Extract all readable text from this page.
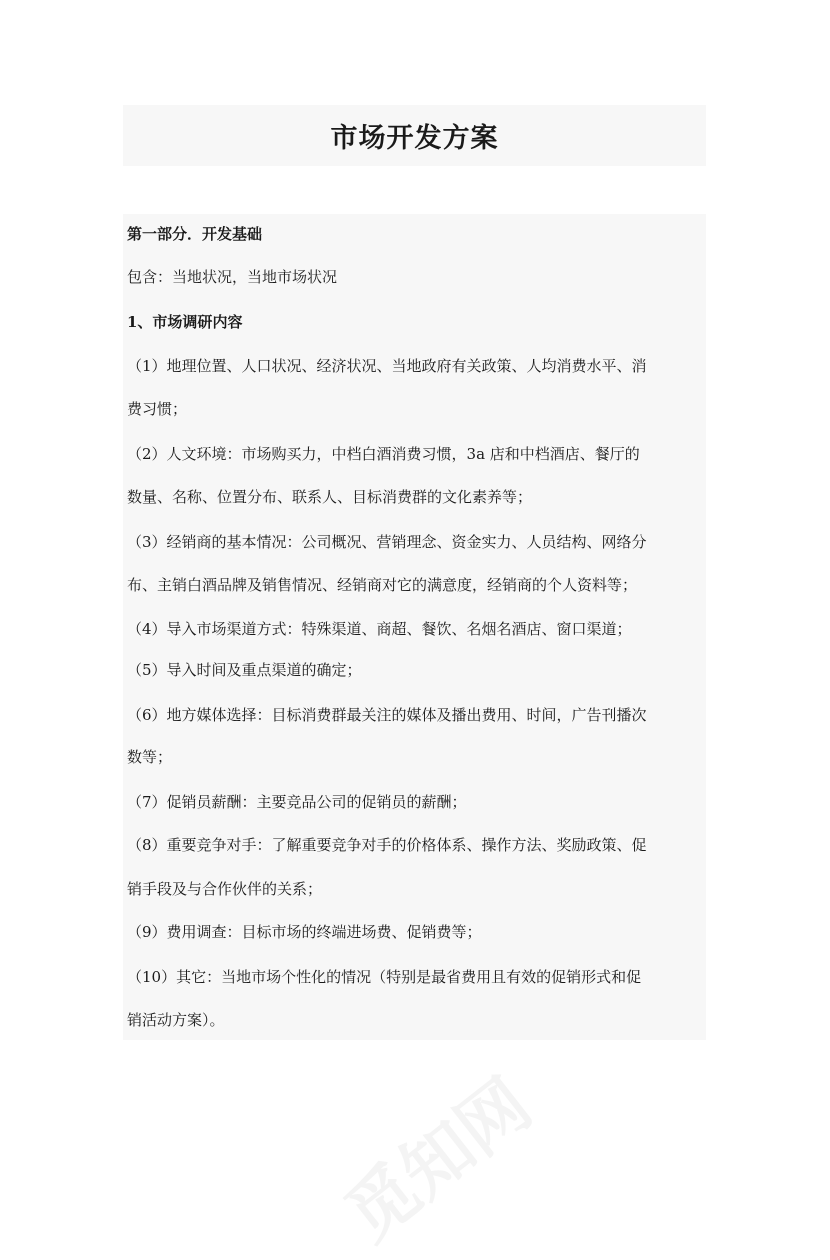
市场开发方案
第一部分．开发基础
包含：当地状况，当地市场状况
1、市场调研内容
（1）地理位置、人口状况、经济状况、当地政府有关政策、人均消费水平、消
费习惯；
（2）人文环境：市场购买力，中档白酒消费习惯，3a 店和中档酒店、餐厅的
数量、名称、位置分布、联系人、目标消费群的文化素养等；
（3）经销商的基本情况：公司概况、营销理念、资金实力、人员结构、网络分
布、主销白酒品牌及销售情况、经销商对它的满意度，经销商的个人资料等；
（4）导入市场渠道方式：特殊渠道、商超、餐饮、名烟名酒店、窗口渠道；
（5）导入时间及重点渠道的确定；
（6）地方媒体选择：目标消费群最关注的媒体及播出费用、时间，广告刊播次
数等；
（7）促销员薪酬：主要竞品公司的促销员的薪酬；
（8）重要竞争对手：了解重要竞争对手的价格体系、操作方法、奖励政策、促
销手段及与合作伙伴的关系；
（9）费用调查：目标市场的终端进场费、促销费等；
（10）其它：当地市场个性化的情况（特别是最省费用且有效的促销形式和促
销活动方案）。
